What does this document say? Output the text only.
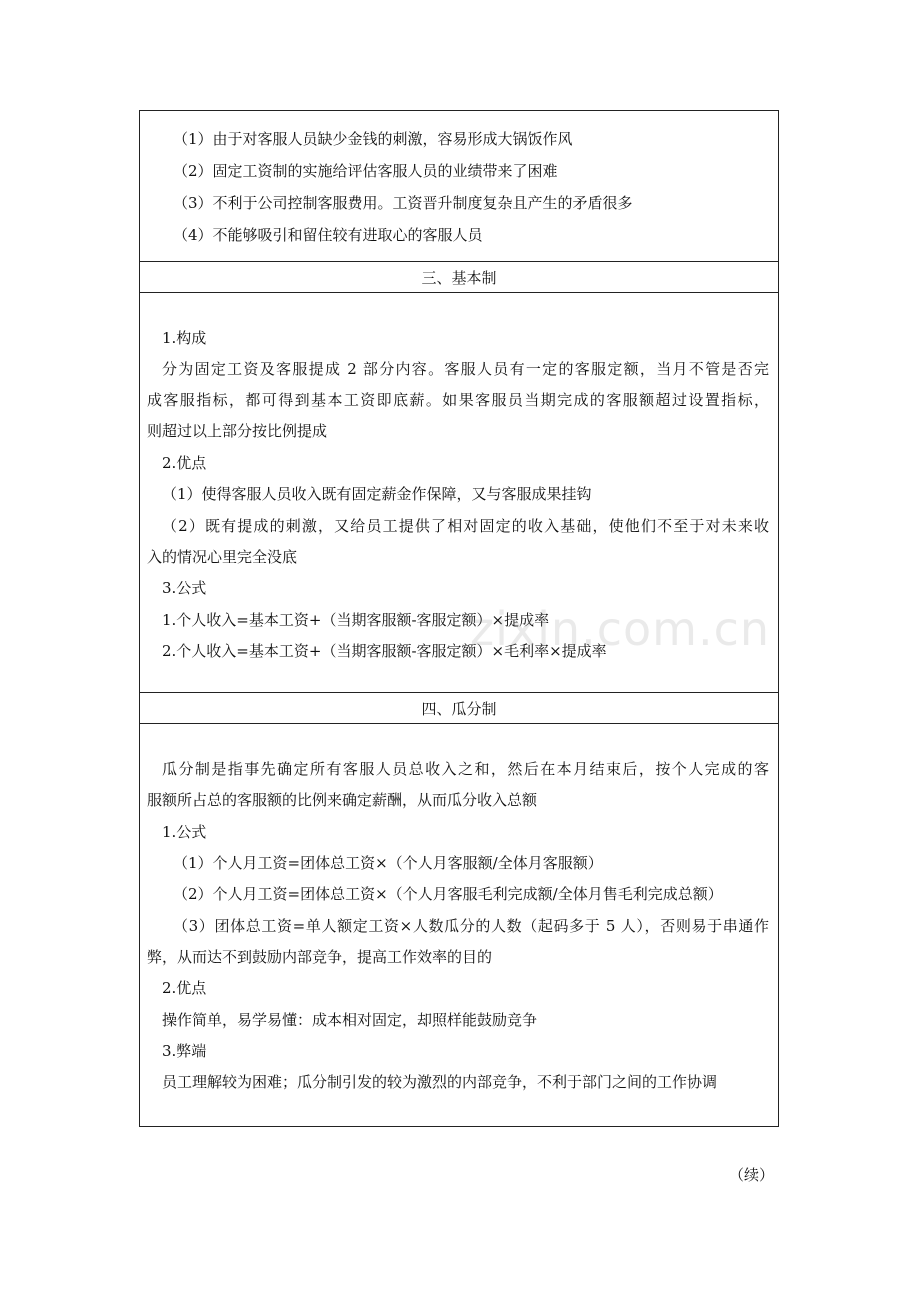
（1）由于对客服人员缺少金钱的刺激，容易形成大锅饭作风
（2）固定工资制的实施给评估客服人员的业绩带来了困难
（3）不利于公司控制客服费用。工资晋升制度复杂且产生的矛盾很多
（4）不能够吸引和留住较有进取心的客服人员
三、基本制
1.构成
分为固定工资及客服提成 2 部分内容。客服人员有一定的客服定额，当月不管是否完
成客服指标，都可得到基本工资即底薪。如果客服员当期完成的客服额超过设置指标，
则超过以上部分按比例提成
2.优点
（1）使得客服人员收入既有固定薪金作保障，又与客服成果挂钩
（2）既有提成的刺激，又给员工提供了相对固定的收入基础，使他们不至于对未来收
入的情况心里完全没底
3.公式
1.个人收入=基本工资+（当期客服额-客服定额）×提成率
2.个人收入=基本工资+（当期客服额-客服定额）×毛利率×提成率
四、瓜分制
瓜分制是指事先确定所有客服人员总收入之和，然后在本月结束后，按个人完成的客
服额所占总的客服额的比例来确定薪酬，从而瓜分收入总额
1.公式
（1）个人月工资=团体总工资×（个人月客服额/全体月客服额）
（2）个人月工资=团体总工资×（个人月客服毛利完成额/全体月售毛利完成总额）
（3）团体总工资=单人额定工资×人数瓜分的人数（起码多于 5 人），否则易于串通作
弊，从而达不到鼓励内部竞争，提高工作效率的目的
2.优点
操作简单，易学易懂：成本相对固定，却照样能鼓励竞争
3.弊端
员工理解较为困难；瓜分制引发的较为激烈的内部竞争，不利于部门之间的工作协调
zixin.com.cn
（续）
